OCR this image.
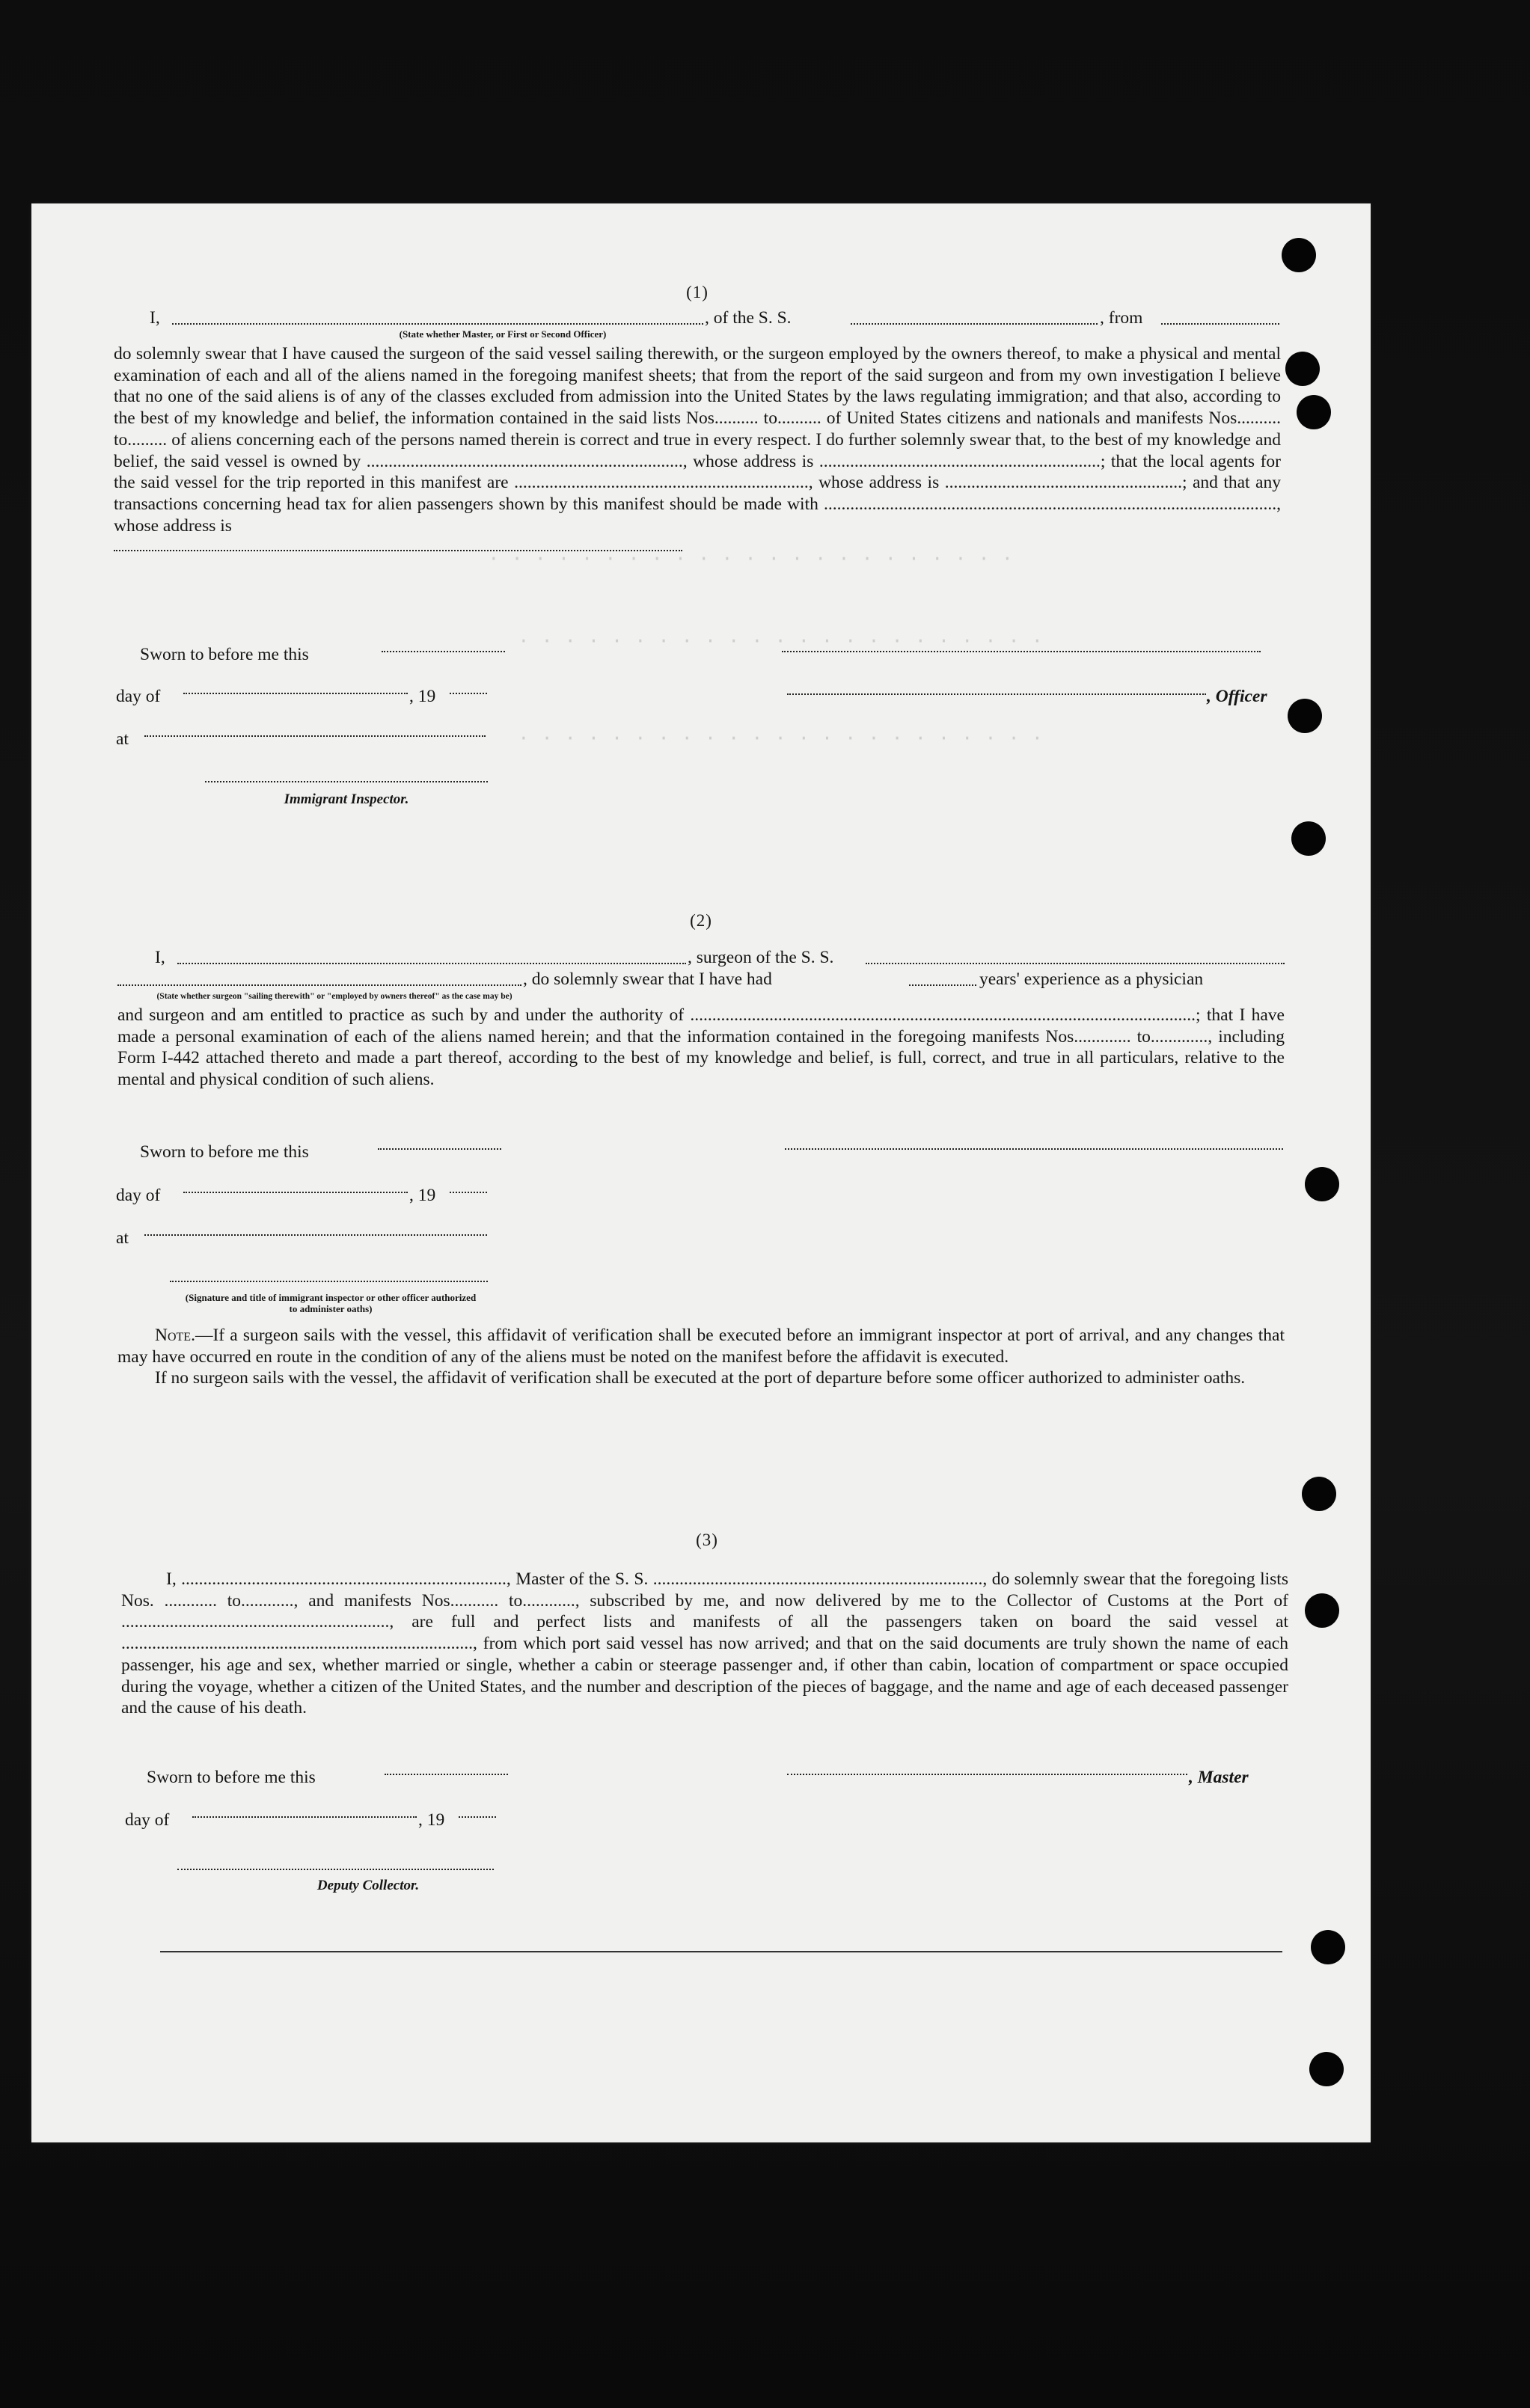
· · · · · · · · · · · · · · · · · · · · · · ·
· · · · · · · · · · · · · · · · · · · · · · ·
· · · · · · · · · · · · · · · · · · · · · · ·
(1)
I,	, of the S. S.	, from
(State whether Master, or First or Second Officer)

do solemnly swear that I have caused the surgeon of the said vessel sailing therewith, or the surgeon employed by the owners thereof, to make a physical and mental examination of each and all of the aliens named in the foregoing manifest sheets; that from the report of the said surgeon and from my own investigation I believe that no one of the said aliens is of any of the classes excluded from admission into the United States by the laws regulating immigration; and that also, according to the best of my knowledge and belief, the information contained in the said lists Nos.......... to.......... of United States citizens and nationals and manifests Nos.......... to......... of aliens concerning each of the persons named therein is correct and true in every respect. I do further solemnly swear that, to the best of my knowledge and belief, the said vessel is owned by ........................................................................, whose address is ................................................................; that the local agents for the said vessel for the trip reported in this manifest are ..................................................................., whose address is ......................................................; and that any transactions concerning head tax for alien passengers shown by this manifest should be made with ......................................................................................................., whose address is

Sworn to before me this
day of	, 19
at
, Officer
Immigrant Inspector.
(2)
I,	, surgeon of the S. S.
, do solemnly swear that I have had	years' experience as a physician
(State whether surgeon "sailing therewith" or "employed by owners thereof" as the case may be)

and surgeon and am entitled to practice as such by and under the authority of ...................................................................................................................; that I have made a personal examination of each of the aliens named herein; and that the information contained in the foregoing manifests Nos............. to............., including Form I-442 attached thereto and made a part thereof, according to the best of my knowledge and belief, is full, correct, and true in all particulars, relative to the mental and physical condition of such aliens.

Sworn to before me this
day of	, 19
at
(Signature and title of immigrant inspector or other officer authorized to administer oaths)

Note.—If a surgeon sails with the vessel, this affidavit of verification shall be executed before an immigrant inspector at port of arrival, and any changes that may have occurred en route in the condition of any of the aliens must be noted on the manifest before the affidavit is executed.

If no surgeon sails with the vessel, the affidavit of verification shall be executed at the port of departure before some officer authorized to administer oaths.

(3)

I, .........................................................................., Master of the S. S. ..........................................................................., do solemnly swear that the foregoing lists Nos. ............ to............, and manifests Nos........... to............, subscribed by me, and now delivered by me to the Collector of Customs at the Port of ............................................................., are full and perfect lists and manifests of all the passengers taken on board the said vessel at ................................................................................, from which port said vessel has now arrived; and that on the said documents are truly shown the name of each passenger, his age and sex, whether married or single, whether a cabin or steerage passenger and, if other than cabin, location of compartment or space occupied during the voyage, whether a citizen of the United States, and the number and description of the pieces of baggage, and the name and age of each deceased passenger and the cause of his death.

Sworn to before me this	, Master
day of	, 19
Deputy Collector.
